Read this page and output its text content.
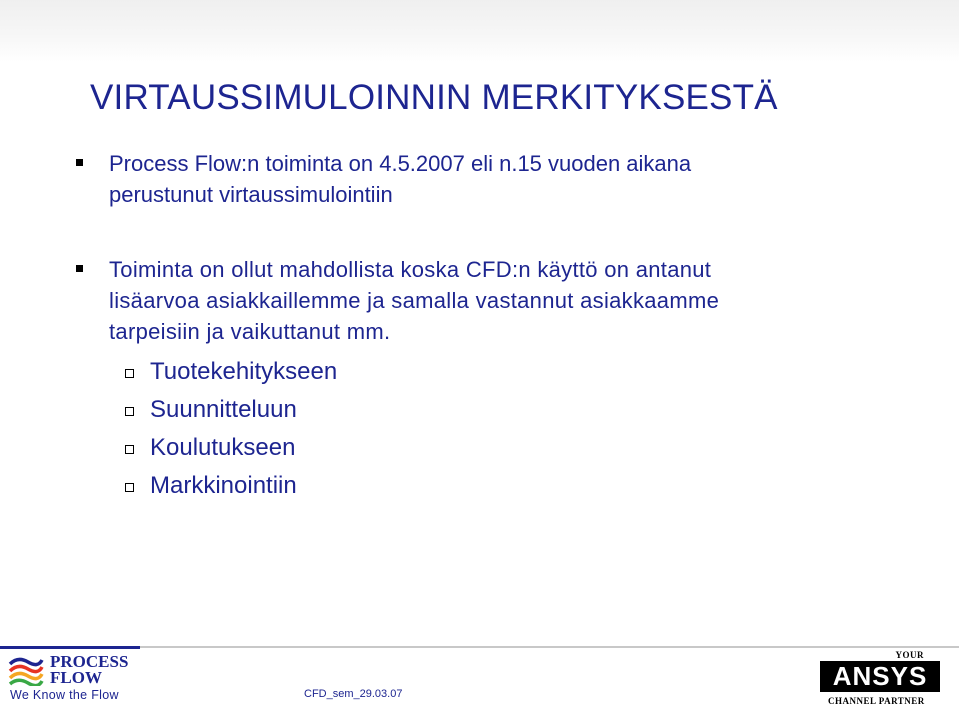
VIRTAUSSIMULOINNIN MERKITYKSESTÄ
Process Flow:n toiminta on 4.5.2007 eli n.15 vuoden aikana
perustunut virtaussimulointiin
Toiminta on ollut mahdollista koska CFD:n käyttö on antanut
lisäarvoa asiakkaillemme ja samalla vastannut asiakkaamme
tarpeisiin ja vaikuttanut mm.
Tuotekehitykseen
Suunnitteluun
Koulutukseen
Markkinointiin
PROCESS
FLOW
We Know the Flow	CFD_sem_29.03.07
YOUR
ANSYS
CHANNEL PARTNER
